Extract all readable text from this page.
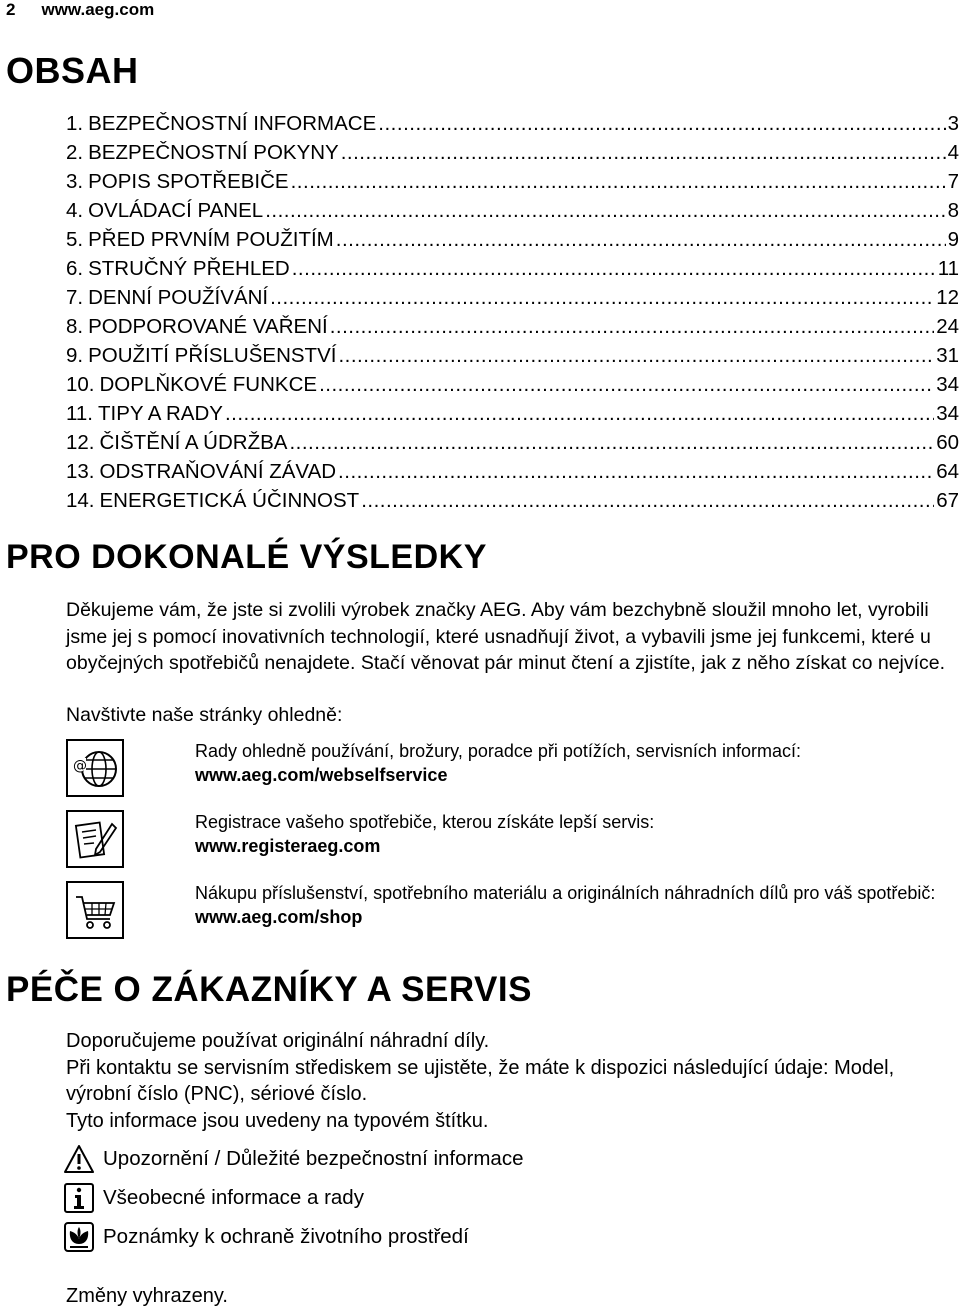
2 www.aeg.com
OBSAH
1. BEZPEČNOSTNÍ INFORMACE .....	3
2. BEZPEČNOSTNÍ POKYNY .....	4
3. POPIS SPOTŘEBIČE .....	7
4. OVLÁDACÍ PANEL .....	8
5. PŘED PRVNÍM POUŽITÍM .....	9
6. STRUČNÝ PŘEHLED .....	11
7. DENNÍ POUŽÍVÁNÍ .....	12
8. PODPOROVANÉ VAŘENÍ .....	24
9. POUŽITÍ PŘÍSLUŠENSTVÍ .....	31
10. DOPLŇKOVÉ FUNKCE .....	34
11. TIPY A RADY .....	34
12. ČIŠTĚNÍ A ÚDRŽBA .....	60
13. ODSTRAŇOVÁNÍ ZÁVAD .....	64
14. ENERGETICKÁ ÚČINNOST .....	67
PRO DOKONALÉ VÝSLEDKY
Děkujeme vám, že jste si zvolili výrobek značky AEG. Aby vám bezchybně sloužil mnoho let, vyrobili jsme jej s pomocí inovativních technologií, které usnadňují život, a vybavili jsme jej funkcemi, které u obyčejných spotřebičů nenajdete. Stačí věnovat pár minut čtení a zjistíte, jak z něho získat co nejvíce.
Navštivte naše stránky ohledně:
@
Rady ohledně používání, brožury, poradce při potížích, servisních informací:
www.aeg.com/webselfservice
Registrace vašeho spotřebiče, kterou získáte lepší servis:
www.registeraeg.com
Nákupu příslušenství, spotřebního materiálu a originálních náhradních dílů pro váš spotřebič:
www.aeg.com/shop
PÉČE O ZÁKAZNÍKY A SERVIS
Doporučujeme používat originální náhradní díly.
Při kontaktu se servisním střediskem se ujistěte, že máte k dispozici následující údaje: Model, výrobní číslo (PNC), sériové číslo.
Tyto informace jsou uvedeny na typovém štítku.
Upozornění / Důležité bezpečnostní informace
Všeobecné informace a rady
Poznámky k ochraně životního prostředí
Změny vyhrazeny.
